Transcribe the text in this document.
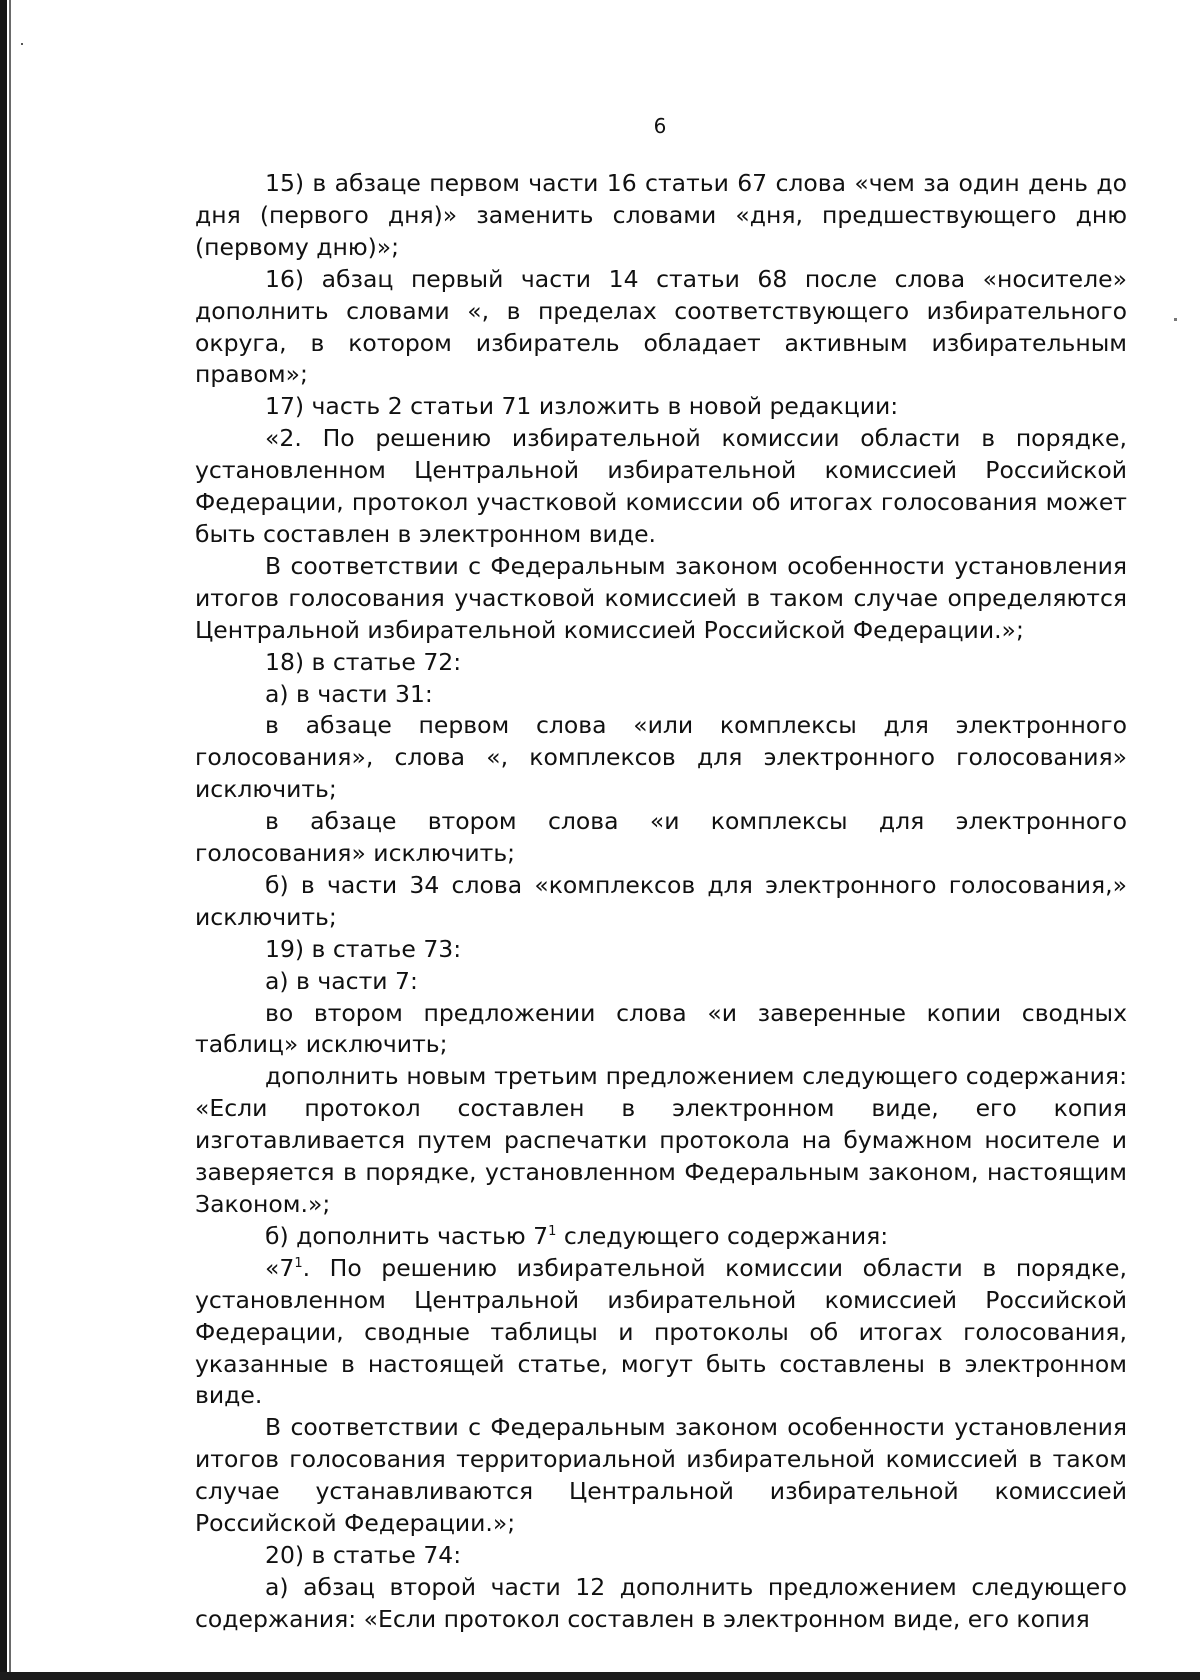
6

15) в абзаце первом части 16 статьи 67 слова «чем за один день до дня (первого дня)» заменить словами «дня, предшествующего дню (первому дню)»;

16) абзац первый части 14 статьи 68 после слова «носителе» дополнить словами «, в пределах соответствующего избирательного округа, в котором избиратель обладает активным избирательным правом»;

17) часть 2 статьи 71 изложить в новой редакции:

«2. По решению избирательной комиссии области в порядке, установленном Центральной избирательной комиссией Российской Федерации, протокол участковой комиссии об итогах голосования может быть составлен в электронном виде.

В соответствии с Федеральным законом особенности установления итогов голосования участковой комиссией в таком случае определяются Центральной избирательной комиссией Российской Федерации.»;

18) в статье 72:

а) в части 31:

в абзаце первом слова «или комплексы для электронного голосования», слова «, комплексов для электронного голосования» исключить;

в абзаце втором слова «и комплексы для электронного голосования» исключить;

б) в части 34 слова «комплексов для электронного голосования,» исключить;

19) в статье 73:

а) в части 7:

во втором предложении слова «и заверенные копии сводных таблиц» исключить;

дополнить новым третьим предложением следующего содержания: «Если протокол составлен в электронном виде, его копия изготавливается путем распечатки протокола на бумажном носителе и заверяется в порядке, установленном Федеральным законом, настоящим Законом.»;

б) дополнить частью $7^1$ следующего содержания:

«$7^1$. По решению избирательной комиссии области в порядке, установленном Центральной избирательной комиссией Российской Федерации, сводные таблицы и протоколы об итогах голосования, указанные в настоящей статье, могут быть составлены в электронном виде.

В соответствии с Федеральным законом особенности установления итогов голосования территориальной избирательной комиссией в таком случае устанавливаются Центральной избирательной комиссией Российской Федерации.»;

20) в статье 74:

а) абзац второй части 12 дополнить предложением следующего содержания: «Если протокол составлен в электронном виде, его копия
